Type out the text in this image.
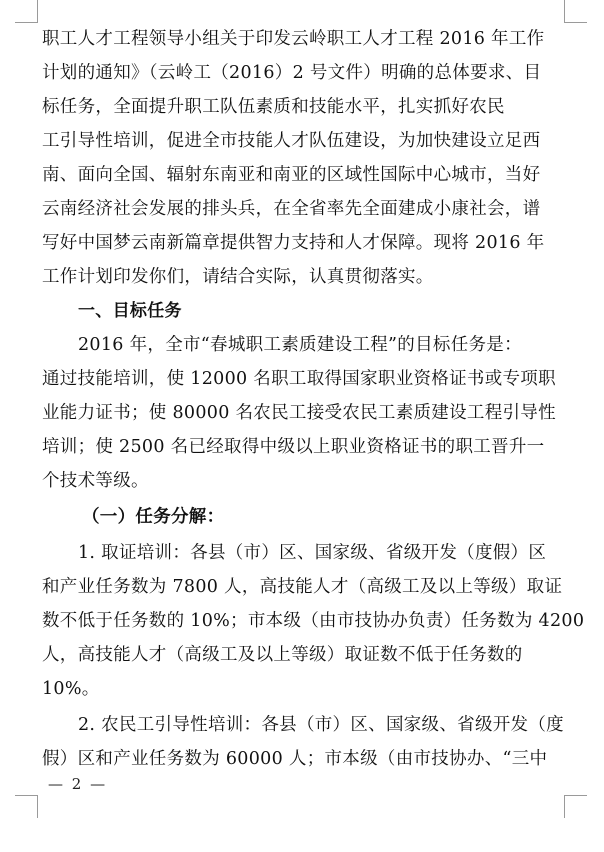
职工人才工程领导小组关于印发云岭职工人才工程 2016 年工作
计划的通知》（云岭工（2016）2 号文件）明确的总体要求、目
标任务，全面提升职工队伍素质和技能水平，扎实抓好农民
工引导性培训，促进全市技能人才队伍建设，为加快建设立足西
南、面向全国、辐射东南亚和南亚的区域性国际中心城市，当好
云南经济社会发展的排头兵，在全省率先全面建成小康社会，谱
写好中国梦云南新篇章提供智力支持和人才保障。现将 2016 年
工作计划印发你们，请结合实际，认真贯彻落实。
一、目标任务
2016 年，全市“春城职工素质建设工程”的目标任务是：
通过技能培训，使 12000 名职工取得国家职业资格证书或专项职
业能力证书；使 80000 名农民工接受农民工素质建设工程引导性
培训；使 2500 名已经取得中级以上职业资格证书的职工晋升一
个技术等级。
（一）任务分解：
1. 取证培训：各县（市）区、国家级、省级开发（度假）区
和产业任务数为 7800 人，高技能人才（高级工及以上等级）取证
数不低于任务数的 10%；市本级（由市技协办负责）任务数为 4200
人，高技能人才（高级工及以上等级）取证数不低于任务数的
10%。
2. 农民工引导性培训：各县（市）区、国家级、省级开发（度
假）区和产业任务数为 60000 人；市本级（由市技协办、“三中
— 2 —
